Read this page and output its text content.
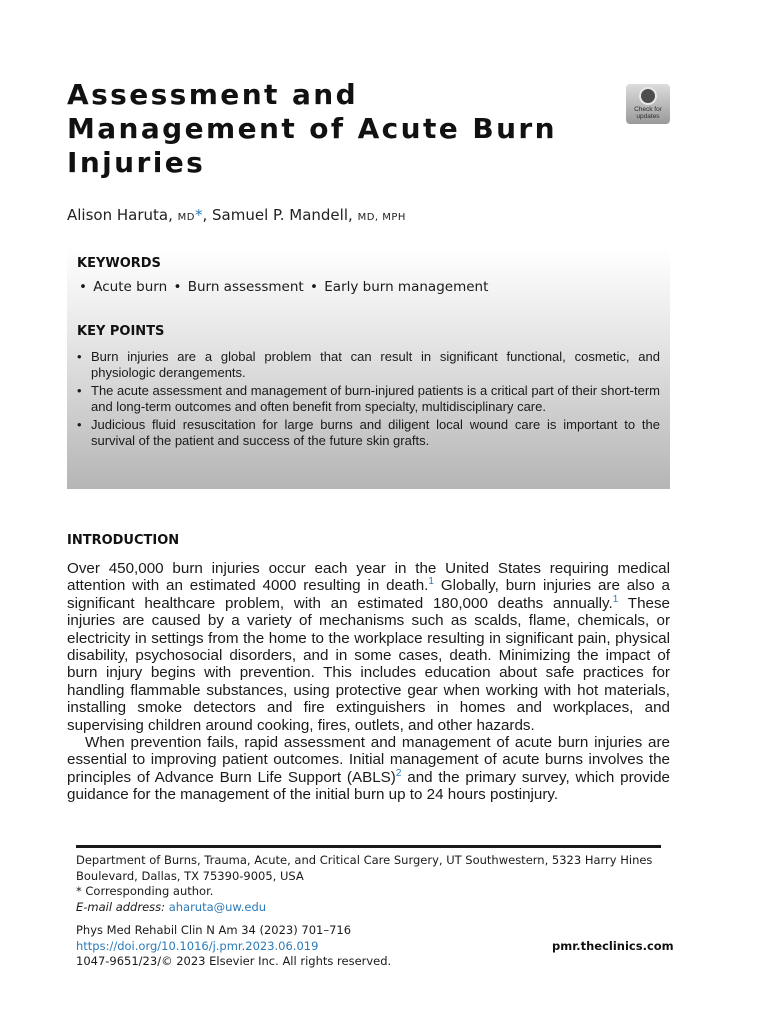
Assessment and Management of Acute Burn Injuries
Check for updates
Alison Haruta, MD*, Samuel P. Mandell, MD, MPH
KEYWORDS
• Acute burn • Burn assessment • Early burn management
KEY POINTS
• Burn injuries are a global problem that can result in significant functional, cosmetic, and physiologic derangements.
• The acute assessment and management of burn-injured patients is a critical part of their short-term and long-term outcomes and often benefit from specialty, multidisciplinary care.
• Judicious fluid resuscitation for large burns and diligent local wound care is important to the survival of the patient and success of the future skin grafts.
INTRODUCTION

Over 450,000 burn injuries occur each year in the United States requiring medical attention with an estimated 4000 resulting in death.$^1$ Globally, burn injuries are also a significant healthcare problem, with an estimated 180,000 deaths annually.$^1$ These injuries are caused by a variety of mechanisms such as scalds, flame, chemicals, or electricity in settings from the home to the workplace resulting in significant pain, physical disability, psychosocial disorders, and in some cases, death. Minimizing the impact of burn injury begins with prevention. This includes education about safe practices for handling flammable substances, using protective gear when working with hot materials, installing smoke detectors and fire extinguishers in homes and workplaces, and supervising children around cooking, fires, outlets, and other hazards.

When prevention fails, rapid assessment and management of acute burn injuries are essential to improving patient outcomes. Initial management of acute burns involves the principles of Advance Burn Life Support (ABLS)$^2$ and the primary survey, which provide guidance for the management of the initial burn up to 24 hours postinjury.

Department of Burns, Trauma, Acute, and Critical Care Surgery, UT Southwestern, 5323 Harry Hines Boulevard, Dallas, TX 75390-9005, USA

* Corresponding author.

E-mail address: aharuta@uw.edu

Phys Med Rehabil Clin N Am 34 (2023) 701–716

https://doi.org/10.1016/j.pmr.2023.06.019

1047-9651/23/© 2023 Elsevier Inc. All rights reserved.

pmr.theclinics.com
